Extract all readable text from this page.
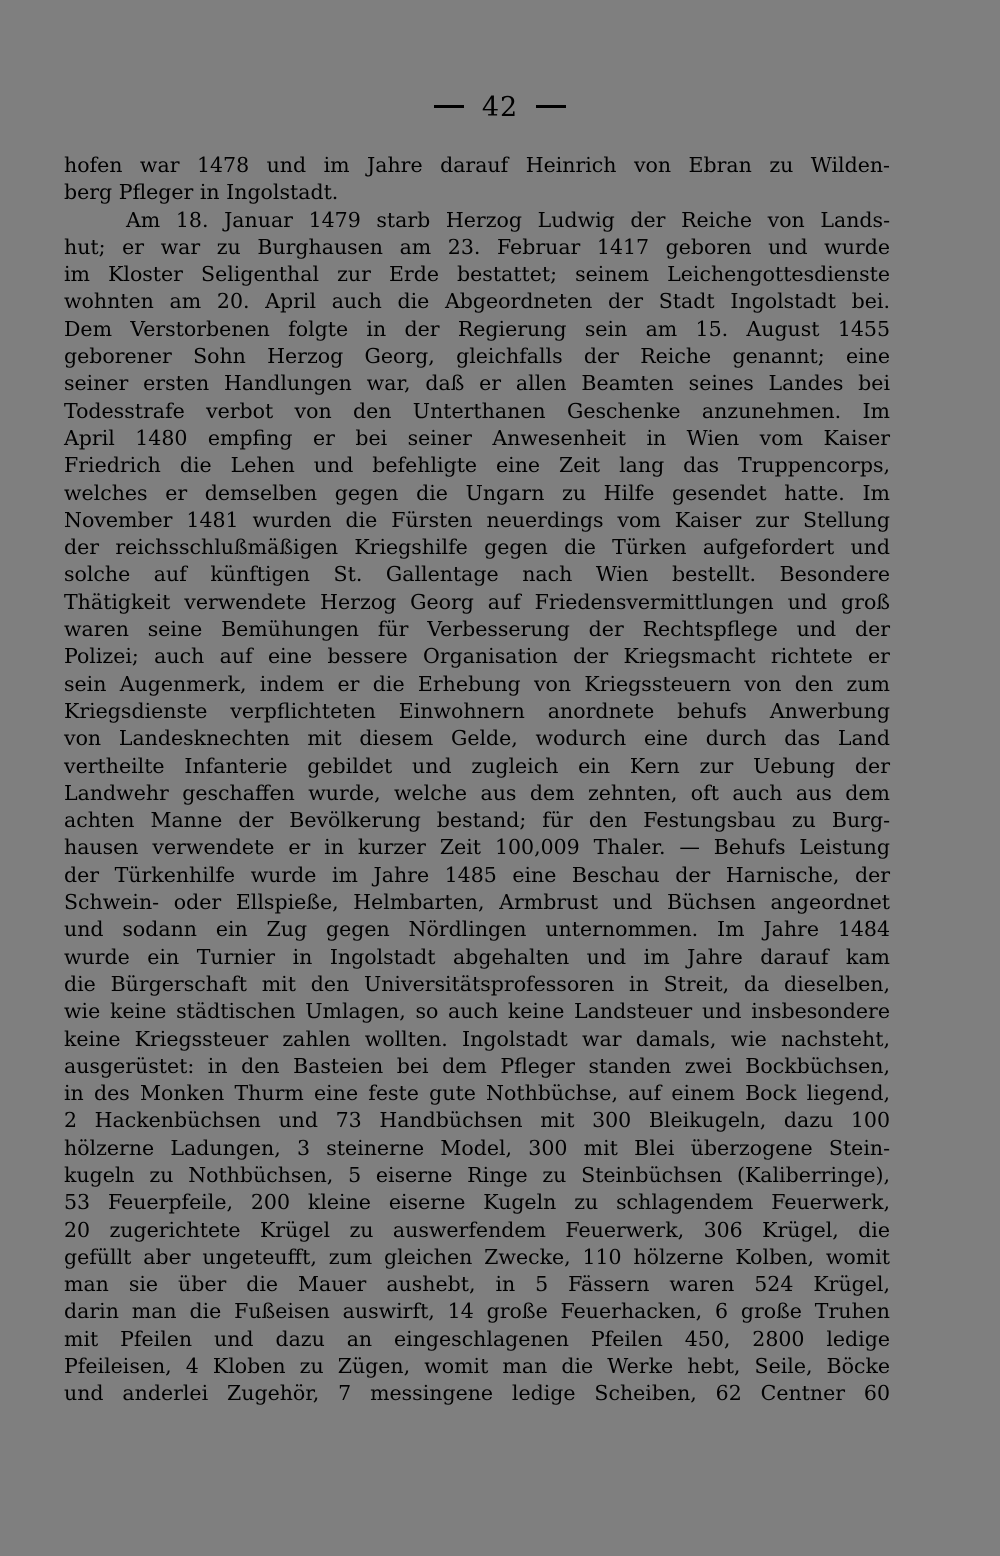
42
hofen war 1478 und im Jahre darauf Heinrich von Ebran zu Wilden-
berg Pfleger in Ingolstadt.
Am 18. Januar 1479 starb Herzog Ludwig der Reiche von Lands-
hut; er war zu Burghausen am 23. Februar 1417 geboren und wurde
im Kloster Seligenthal zur Erde bestattet; seinem Leichengottesdienste
wohnten am 20. April auch die Abgeordneten der Stadt Ingolstadt bei.
Dem Verstorbenen folgte in der Regierung sein am 15. August 1455
geborener Sohn Herzog Georg, gleichfalls der Reiche genannt; eine
seiner ersten Handlungen war, daß er allen Beamten seines Landes bei
Todesstrafe verbot von den Unterthanen Geschenke anzunehmen. Im
April 1480 empfing er bei seiner Anwesenheit in Wien vom Kaiser
Friedrich die Lehen und befehligte eine Zeit lang das Truppencorps,
welches er demselben gegen die Ungarn zu Hilfe gesendet hatte. Im
November 1481 wurden die Fürsten neuerdings vom Kaiser zur Stellung
der reichsschlußmäßigen Kriegshilfe gegen die Türken aufgefordert und
solche auf künftigen St. Gallentage nach Wien bestellt. Besondere
Thätigkeit verwendete Herzog Georg auf Friedensvermittlungen und groß
waren seine Bemühungen für Verbesserung der Rechtspflege und der
Polizei; auch auf eine bessere Organisation der Kriegsmacht richtete er
sein Augenmerk, indem er die Erhebung von Kriegssteuern von den zum
Kriegsdienste verpflichteten Einwohnern anordnete behufs Anwerbung
von Landesknechten mit diesem Gelde, wodurch eine durch das Land
vertheilte Infanterie gebildet und zugleich ein Kern zur Uebung der
Landwehr geschaffen wurde, welche aus dem zehnten, oft auch aus dem
achten Manne der Bevölkerung bestand; für den Festungsbau zu Burg-
hausen verwendete er in kurzer Zeit 100,009 Thaler. — Behufs Leistung
der Türkenhilfe wurde im Jahre 1485 eine Beschau der Harnische, der
Schwein- oder Ellspieße, Helmbarten, Armbrust und Büchsen angeordnet
und sodann ein Zug gegen Nördlingen unternommen. Im Jahre 1484
wurde ein Turnier in Ingolstadt abgehalten und im Jahre darauf kam
die Bürgerschaft mit den Universitätsprofessoren in Streit, da dieselben,
wie keine städtischen Umlagen, so auch keine Landsteuer und insbesondere
keine Kriegssteuer zahlen wollten. Ingolstadt war damals, wie nachsteht,
ausgerüstet: in den Basteien bei dem Pfleger standen zwei Bockbüchsen,
in des Monken Thurm eine feste gute Nothbüchse, auf einem Bock liegend,
2 Hackenbüchsen und 73 Handbüchsen mit 300 Bleikugeln, dazu 100
hölzerne Ladungen, 3 steinerne Model, 300 mit Blei überzogene Stein-
kugeln zu Nothbüchsen, 5 eiserne Ringe zu Steinbüchsen (Kaliberringe),
53 Feuerpfeile, 200 kleine eiserne Kugeln zu schlagendem Feuerwerk,
20 zugerichtete Krügel zu auswerfendem Feuerwerk, 306 Krügel, die
gefüllt aber ungeteufft, zum gleichen Zwecke, 110 hölzerne Kolben, womit
man sie über die Mauer aushebt, in 5 Fässern waren 524 Krügel,
darin man die Fußeisen auswirft, 14 große Feuerhacken, 6 große Truhen
mit Pfeilen und dazu an eingeschlagenen Pfeilen 450, 2800 ledige
Pfeileisen, 4 Kloben zu Zügen, womit man die Werke hebt, Seile, Böcke
und anderlei Zugehör, 7 messingene ledige Scheiben, 62 Centner 60
